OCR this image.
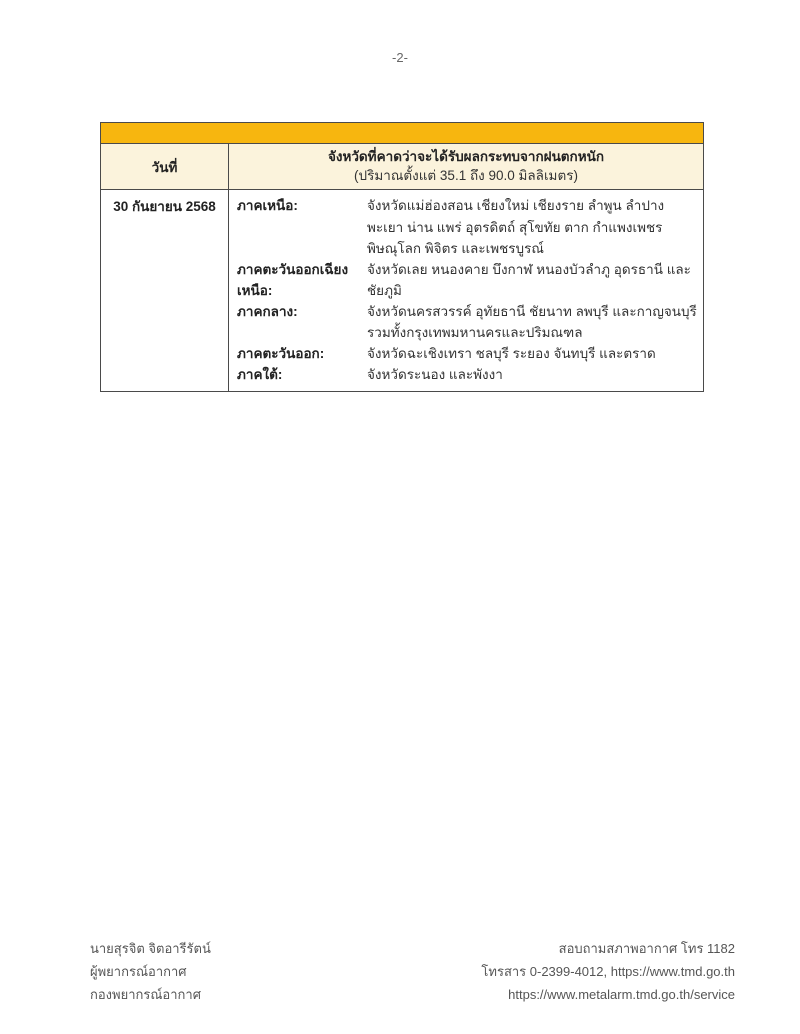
-2-
วันที่
จังหวัดที่คาดว่าจะได้รับผลกระทบจากฝนตกหนัก
(ปริมาณตั้งแต่ 35.1 ถึง 90.0 มิลลิเมตร)
30 กันยายน 2568	ภาคเหนือ:	จังหวัดแม่ฮ่องสอน เชียงใหม่ เชียงราย ลำพูน ลำปาง พะเยา น่าน แพร่ อุตรดิตถ์ สุโขทัย ตาก กำแพงเพชร พิษณุโลก พิจิตร และเพชรบูรณ์
ภาคตะวันออกเฉียงเหนือ:
จังหวัดเลย หนองคาย บึงกาฬ หนองบัวลำภู อุดรธานี และชัยภูมิ
ภาคกลาง:	จังหวัดนครสวรรค์ อุทัยธานี ชัยนาท ลพบุรี และกาญจนบุรี รวมทั้งกรุงเทพมหานครและปริมณฑล
ภาคตะวันออก:	จังหวัดฉะเชิงเทรา ชลบุรี ระยอง จันทบุรี และตราด
ภาคใต้:	จังหวัดระนอง และพังงา
นายสุรจิต จิตอารีรัตน์
ผู้พยากรณ์อากาศ
กองพยากรณ์อากาศ
สอบถามสภาพอากาศ โทร 1182
โทรสาร 0-2399-4012, https://www.tmd.go.th
https://www.metalarm.tmd.go.th/service
